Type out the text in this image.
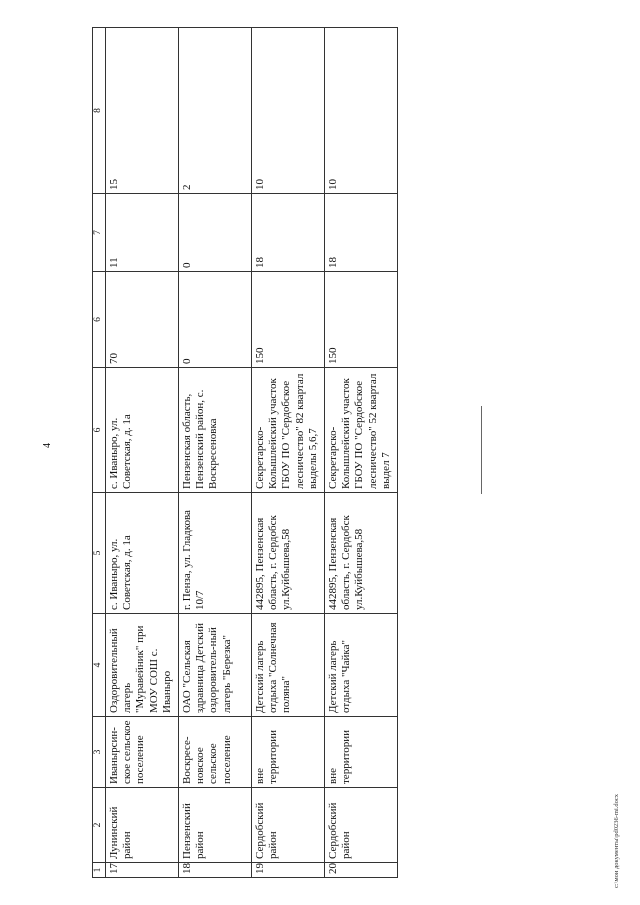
4
c:\мои документы\pd0236-mi.docx
1	2	3	4	5	6	6	7	8
17	Лунинский район	Иванырсин-ское сельское поселение	Оздоровительный лагерь "Муравейник" при МОУ СОШ с. Иваныро	с. Иваныро, ул. Советская, д. 1а	с. Иваныро, ул. Советская, д. 1а	70	11	15
18	Пензенский район	Воскресе-новское сельское поселение	ОАО "Сельская здравница Детский оздоровитель-ный лагерь "Березка"	г. Пенза, ул. Гладкова 10/7	Пензенская область, Пензенский район, с. Воскресеновка	0	0	2
19	Сердобский район	вне территории	Детский лагерь отдыха "Солнечная поляна"	442895, Пензенская область, г. Сердобск ул.Куйбышева,58	Секретарско-Колышлейский участок ГБОУ ПО "Сердобское лесничество" 82 квартал выделы 5,6,7	150	18	10
20	Сердобский район	вне территории	Детский лагерь отдыха "Чайка"	442895, Пензенская область, г. Сердобск ул.Куйбышева,58	Секретарско-Колышлейский участок ГБОУ ПО "Сердобское лесничество" 52 квартал выдел 7	150	18	10
